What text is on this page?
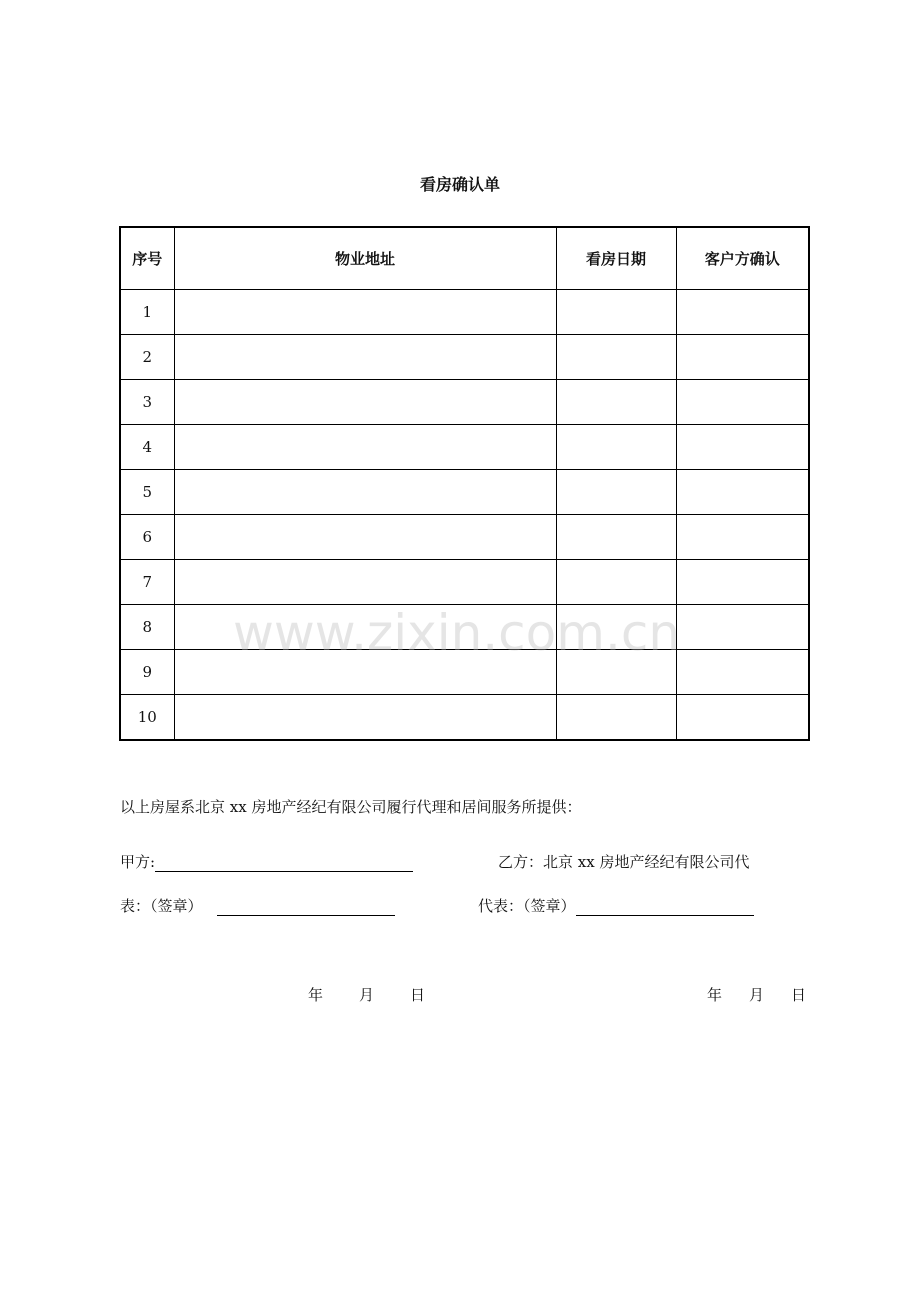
看房确认单
序号	物业地址	看房日期	客户方确认
1			
2			
3			
4			
5			
6			
7			
8			
9			
10			
www.zixin.com.cn
以上房屋系北京 xx 房地产经纪有限公司履行代理和居间服务所提供：
甲方:	乙方：北京 xx 房地产经纪有限公司代
表：（签章）	代表：（签章）
年 月 日	年 月 日
